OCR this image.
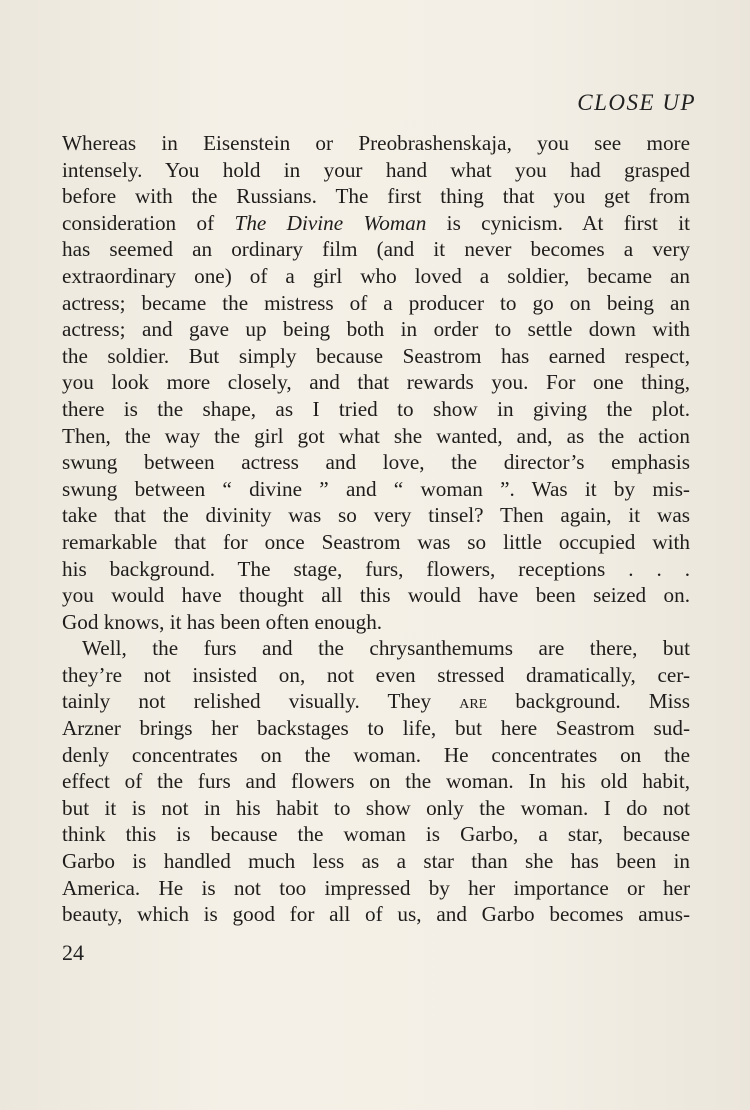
CLOSE UP

Whereas in Eisenstein or Preobrashenskaja, you see more
intensely. You hold in your hand what you had grasped
before with the Russians. The first thing that you get from
consideration of The Divine Woman is cynicism. At first it
has seemed an ordinary film (and it never becomes a very
extraordinary one) of a girl who loved a soldier, became an
actress; became the mistress of a producer to go on being an
actress; and gave up being both in order to settle down with
the soldier. But simply because Seastrom has earned respect,
you look more closely, and that rewards you. For one thing,
there is the shape, as I tried to show in giving the plot.
Then, the way the girl got what she wanted, and, as the action
swung between actress and love, the director’s emphasis
swung between “ divine ” and “ woman ”. Was it by mis-
take that the divinity was so very tinsel? Then again, it was
remarkable that for once Seastrom was so little occupied with
his background. The stage, furs, flowers, receptions . . .
you would have thought all this would have been seized on.
God knows, it has been often enough.

Well, the furs and the chrysanthemums are there, but
they’re not insisted on, not even stressed dramatically, cer-
tainly not relished visually. They are background. Miss
Arzner brings her backstages to life, but here Seastrom sud-
denly concentrates on the woman. He concentrates on the
effect of the furs and flowers on the woman. In his old habit,
but it is not in his habit to show only the woman. I do not
think this is because the woman is Garbo, a star, because
Garbo is handled much less as a star than she has been in
America. He is not too impressed by her importance or her
beauty, which is good for all of us, and Garbo becomes amus-

24
